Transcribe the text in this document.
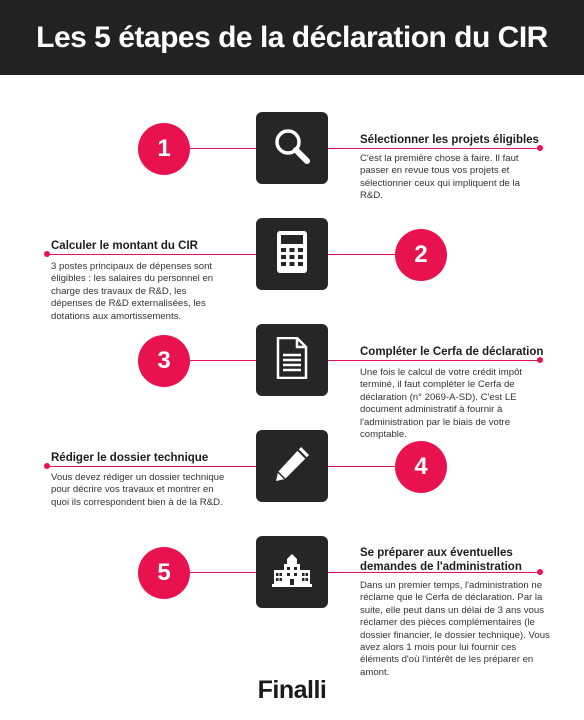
Les 5 étapes de la déclaration du CIR
1	Sélectionner les projets éligibles
C'est la première chose à faire. Il faut passer en revue tous vos projets et sélectionner ceux qui impliquent de la R&D.
2
Calculer le montant du CIR
3 postes principaux de dépenses sont éligibles : les salaires du personnel en charge des travaux de R&D, les dépenses de R&D externalisées, les dotations aux amortissements.
3	Compléter le Cerfa de déclaration
Une fois le calcul de votre crédit impôt terminé, il faut compléter le Cerfa de déclaration (n° 2069-A-SD). C'est LE document administratif à fournir à l'administration par le biais de votre comptable.
4
Rédiger le dossier technique
Vous devez rédiger un dossier technique pour décrire vos travaux et montrer en quoi ils correspondent bien à de la R&D.
5
Se préparer aux éventuelles demandes de l'administration
Dans un premier temps, l'administration ne réclame que le Cerfa de déclaration. Par la suite, elle peut dans un délai de 3 ans vous réclamer des pièces complémentaires (le dossier financier, le dossier technique). Vous avez alors 1 mois pour lui fournir ces éléments d'où l'intérêt de les préparer en amont.
Finalli
